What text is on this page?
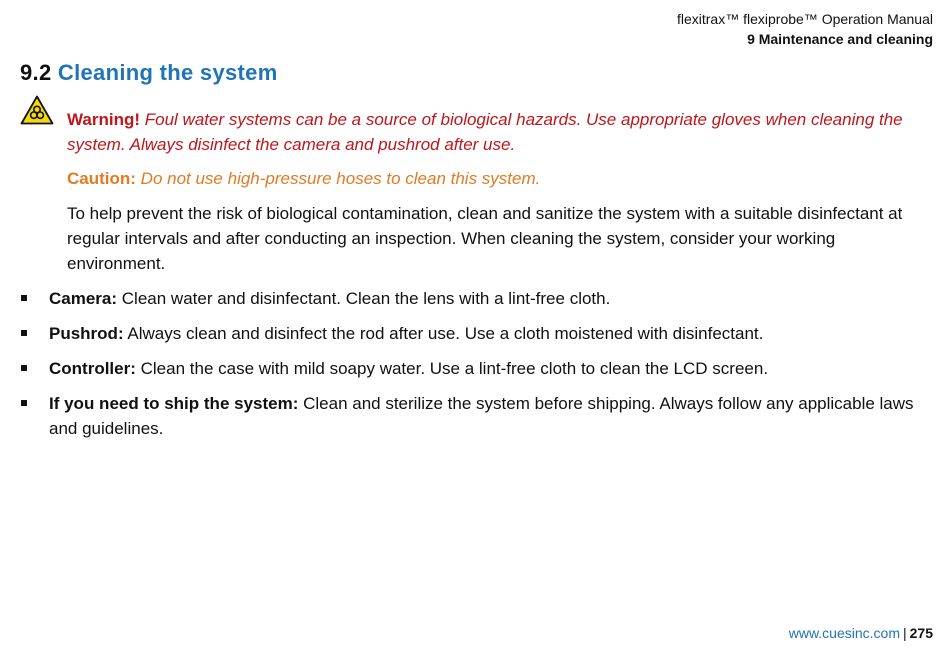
flexitrax™ flexiprobe™ Operation Manual
9 Maintenance and cleaning
9.2 Cleaning the system

Warning! Foul water systems can be a source of biological hazards. Use appropriate gloves when cleaning the system. Always disinfect the camera and pushrod after use.

Caution: Do not use high-pressure hoses to clean this system.

To help prevent the risk of biological contamination, clean and sanitize the system with a suitable disinfectant at regular intervals and after conducting an inspection. When cleaning the system, consider your working environment.

Camera: Clean water and disinfectant. Clean the lens with a lint-free cloth.
Pushrod: Always clean and disinfect the rod after use. Use a cloth moistened with disinfectant.
Controller: Clean the case with mild soapy water. Use a lint-free cloth to clean the LCD screen.
If you need to ship the system: Clean and sterilize the system before shipping. Always follow any applicable laws and guidelines.
www.cuesinc.com | 275
